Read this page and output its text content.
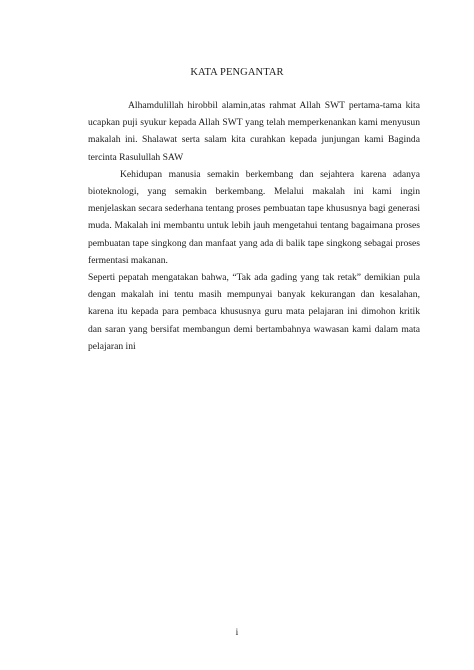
KATA PENGANTAR

Alhamdulillah hirobbil alamin,atas rahmat Allah SWT pertama-tama kita ucapkan puji syukur kepada Allah SWT yang telah memperkenankan kami menyusun makalah ini. Shalawat serta salam kita curahkan kepada junjungan kami Baginda tercinta Rasulullah SAW

Kehidupan manusia semakin berkembang dan sejahtera karena adanya bioteknologi, yang semakin berkembang. Melalui makalah ini kami ingin menjelaskan secara sederhana tentang proses pembuatan tape khususnya bagi generasi muda. Makalah ini membantu untuk lebih jauh mengetahui tentang bagaimana proses pembuatan tape singkong dan manfaat yang ada di balik tape singkong sebagai proses fermentasi makanan.

Seperti pepatah mengatakan bahwa, “Tak ada gading yang tak retak” demikian pula dengan makalah ini tentu masih mempunyai banyak kekurangan dan kesalahan, karena itu kepada para pembaca khususnya guru mata pelajaran ini dimohon kritik dan saran yang bersifat membangun demi bertambahnya wawasan kami dalam mata pelajaran ini

i
